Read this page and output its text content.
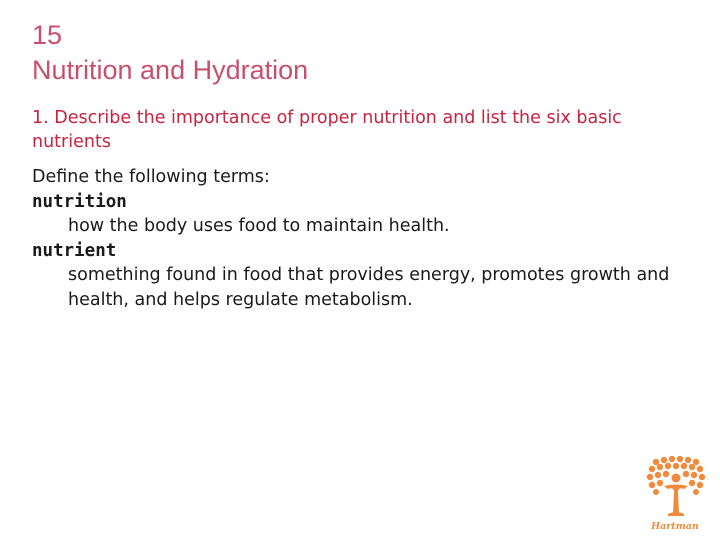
15
Nutrition and Hydration
1. Describe the importance of proper nutrition and list the six basic nutrients
Define the following terms:
nutrition
how the body uses food to maintain health.
nutrient
something found in food that provides energy, promotes growth and health, and helps regulate metabolism.
Hartman
